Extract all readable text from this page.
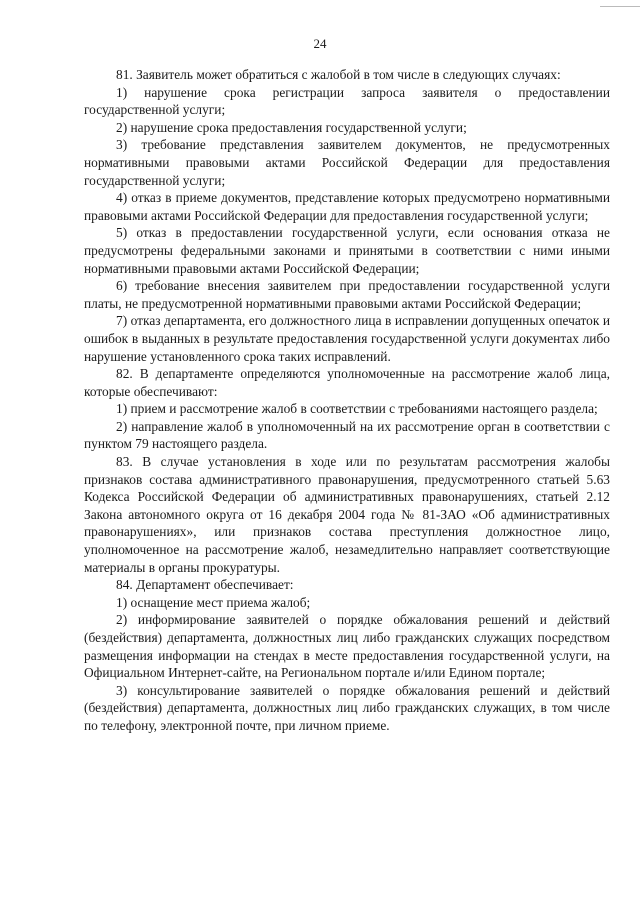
24

81. Заявитель может обратиться с жалобой в том числе в следующих случаях:

1) нарушение срока регистрации запроса заявителя о предоставлении государственной услуги;

2) нарушение срока предоставления государственной услуги;

3) требование представления заявителем документов, не предусмотренных нормативными правовыми актами Российской Федерации для предоставления государственной услуги;

4) отказ в приеме документов, представление которых предусмотрено нормативными правовыми актами Российской Федерации для предоставления государственной услуги;

5) отказ в предоставлении государственной услуги, если основания отказа не предусмотрены федеральными законами и принятыми в соответствии с ними иными нормативными правовыми актами Российской Федерации;

6) требование внесения заявителем при предоставлении государственной услуги платы, не предусмотренной нормативными правовыми актами Российской Федерации;

7) отказ департамента, его должностного лица в исправлении допущенных опечаток и ошибок в выданных в результате предоставления государственной услуги документах либо нарушение установленного срока таких исправлений.

82. В департаменте определяются уполномоченные на рассмотрение жалоб лица, которые обеспечивают:

1) прием и рассмотрение жалоб в соответствии с требованиями настоящего раздела;

2) направление жалоб в уполномоченный на их рассмотрение орган в соответствии с пунктом 79 настоящего раздела.

83. В случае установления в ходе или по результатам рассмотрения жалобы признаков состава административного правонарушения, предусмотренного статьей 5.63 Кодекса Российской Федерации об административных правонарушениях, статьей 2.12 Закона автономного округа от 16 декабря 2004 года № 81-ЗАО «Об административных правонарушениях», или признаков состава преступления должностное лицо, уполномоченное на рассмотрение жалоб, незамедлительно направляет соответствующие материалы в органы прокуратуры.

84. Департамент обеспечивает:

1) оснащение мест приема жалоб;

2) информирование заявителей о порядке обжалования решений и действий (бездействия) департамента, должностных лиц либо гражданских служащих посредством размещения информации на стендах в месте предоставления государственной услуги, на Официальном Интернет-сайте, на Региональном портале и/или Едином портале;

3) консультирование заявителей о порядке обжалования решений и действий (бездействия) департамента, должностных лиц либо гражданских служащих, в том числе по телефону, электронной почте, при личном приеме.
